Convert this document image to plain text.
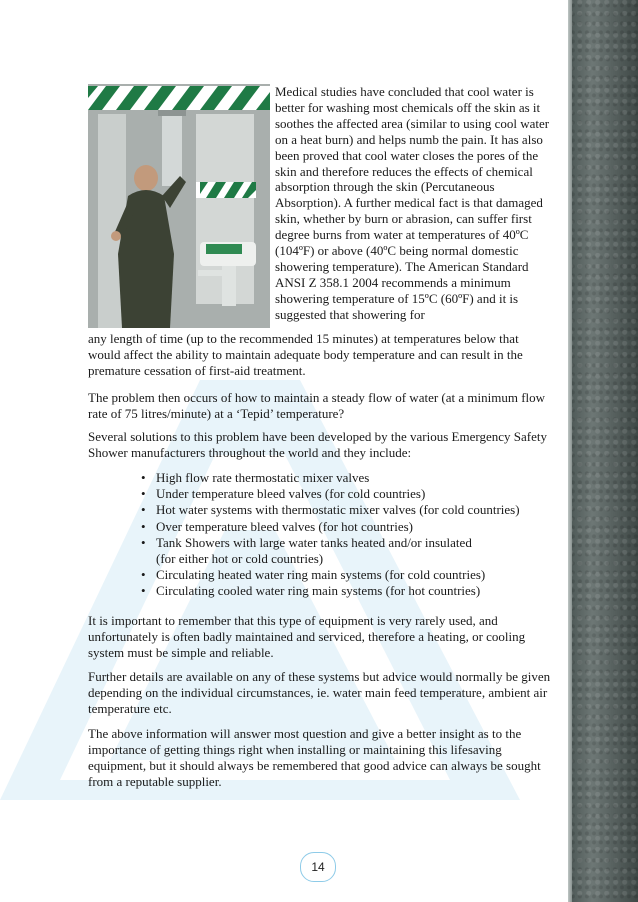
Medical studies have concluded that cool water is better for washing most chemicals off the skin as it soothes the affected area (similar to using cool water on a heat burn) and helps numb the pain. It has also been proved that cool water closes the pores of the skin and therefore reduces the effects of chemical absorption through the skin (Percutaneous Absorption). A further medical fact is that damaged skin, whether by burn or abrasion, can suffer first degree burns from water at temperatures of 40ºC (104ºF) or above (40ºC being normal domestic showering temperature). The American Standard ANSI Z 358.1 2004 recommends a minimum showering temperature of 15ºC (60ºF) and it is suggested that showering for

any length of time (up to the recommended 15 minutes) at temperatures below that would affect the ability to maintain adequate body temperature and can result in the premature cessation of first-aid treatment.

The problem then occurs of how to maintain a steady flow of water (at a minimum flow rate of 75 litres/minute) at a ‘Tepid’ temperature?

Several solutions to this problem have been developed by the various Emergency Safety Shower manufacturers throughout the world and they include:

• High flow rate thermostatic mixer valves
• Under temperature bleed valves (for cold countries)
• Hot water systems with thermostatic mixer valves (for cold countries)
• Over temperature bleed valves (for hot countries)
• Tank Showers with large water tanks heated and/or insulated
(for either hot or cold countries)
• Circulating heated water ring main systems (for cold countries)
• Circulating cooled water ring main systems (for hot countries)

It is important to remember that this type of equipment is very rarely used, and unfortunately is often badly maintained and serviced, therefore a heating, or cooling system must be simple and reliable.

Further details are available on any of these systems but advice would normally be given depending on the individual circumstances, ie. water main feed temperature, ambient air temperature etc.

The above information will answer most question and give a better insight as to the importance of getting things right when installing or maintaining this lifesaving equipment, but it should always be remembered that good advice can always be sought from a reputable supplier.

14
